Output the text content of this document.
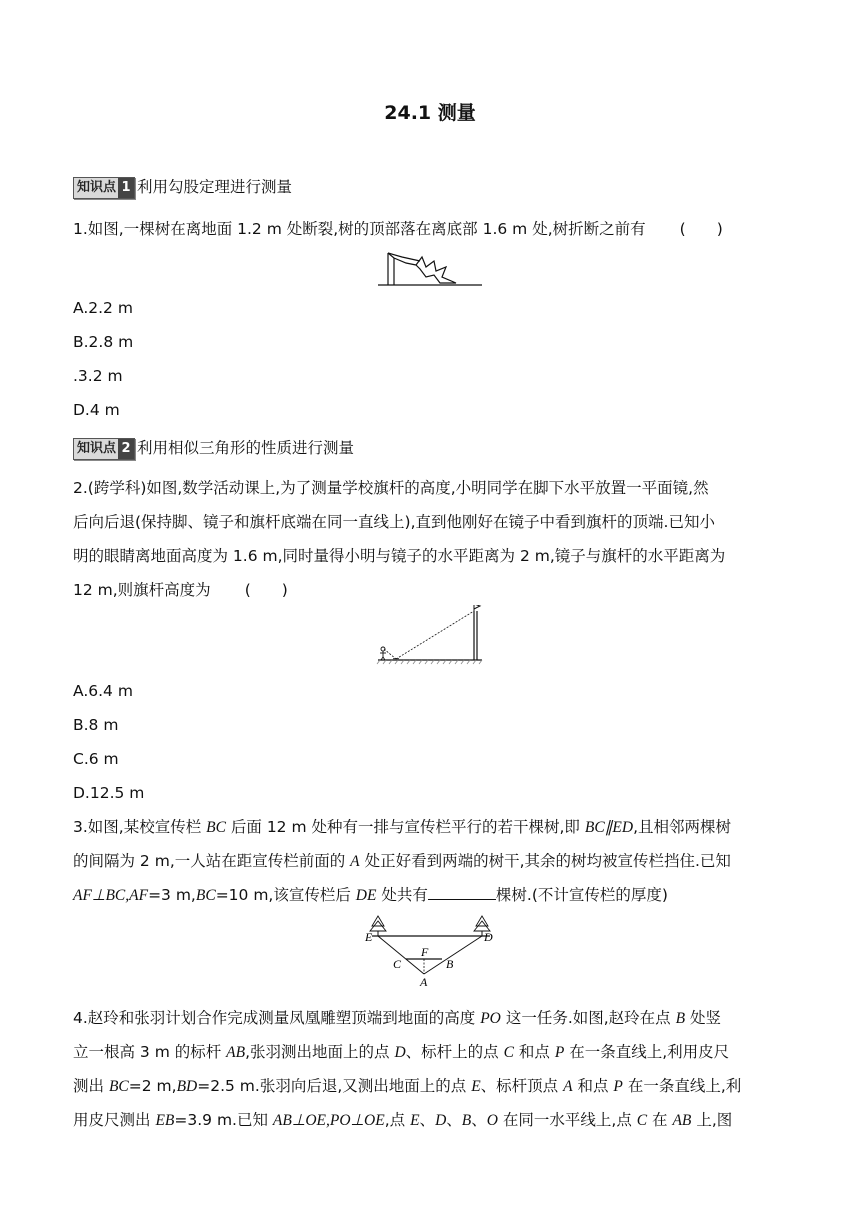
24.1 测量
知识点 1 利用勾股定理进行测量
1.如图,一棵树在离地面 1.2 m 处断裂,树的顶部落在离底部 1.6 m 处,树折断之前有 (　　)
A.2.2 m
B.2.8 m
.3.2 m
D.4 m
知识点 2 利用相似三角形的性质进行测量
2.(跨学科)如图,数学活动课上,为了测量学校旗杆的高度,小明同学在脚下水平放置一平面镜,然
后向后退(保持脚、镜子和旗杆底端在同一直线上),直到他刚好在镜子中看到旗杆的顶端.已知小
明的眼睛离地面高度为 1.6 m,同时量得小明与镜子的水平距离为 2 m,镜子与旗杆的水平距离为
12 m,则旗杆高度为 (　　)
A.6.4 m
B.8 m
C.6 m
D.12.5 m
3.如图,某校宣传栏 BC 后面 12 m 处种有一排与宣传栏平行的若干棵树,即 BC∥ED,且相邻两棵树
的间隔为 2 m,一人站在距宣传栏前面的 A 处正好看到两端的树干,其余的树均被宣传栏挡住.已知
AF⊥BC,AF=3 m,BC=10 m,该宣传栏后 DE 处共有	棵树.(不计宣传栏的厚度)
E	D
F
C	B
A
4.赵玲和张羽计划合作完成测量凤凰雕塑顶端到地面的高度 PO 这一任务.如图,赵玲在点 B 处竖
立一根高 3 m 的标杆 AB,张羽测出地面上的点 D、标杆上的点 C 和点 P 在一条直线上,利用皮尺
测出 BC=2 m,BD=2.5 m.张羽向后退,又测出地面上的点 E、标杆顶点 A 和点 P 在一条直线上,利
用皮尺测出 EB=3.9 m.已知 AB⊥OE,PO⊥OE,点 E、D、B、O 在同一水平线上,点 C 在 AB 上,图
